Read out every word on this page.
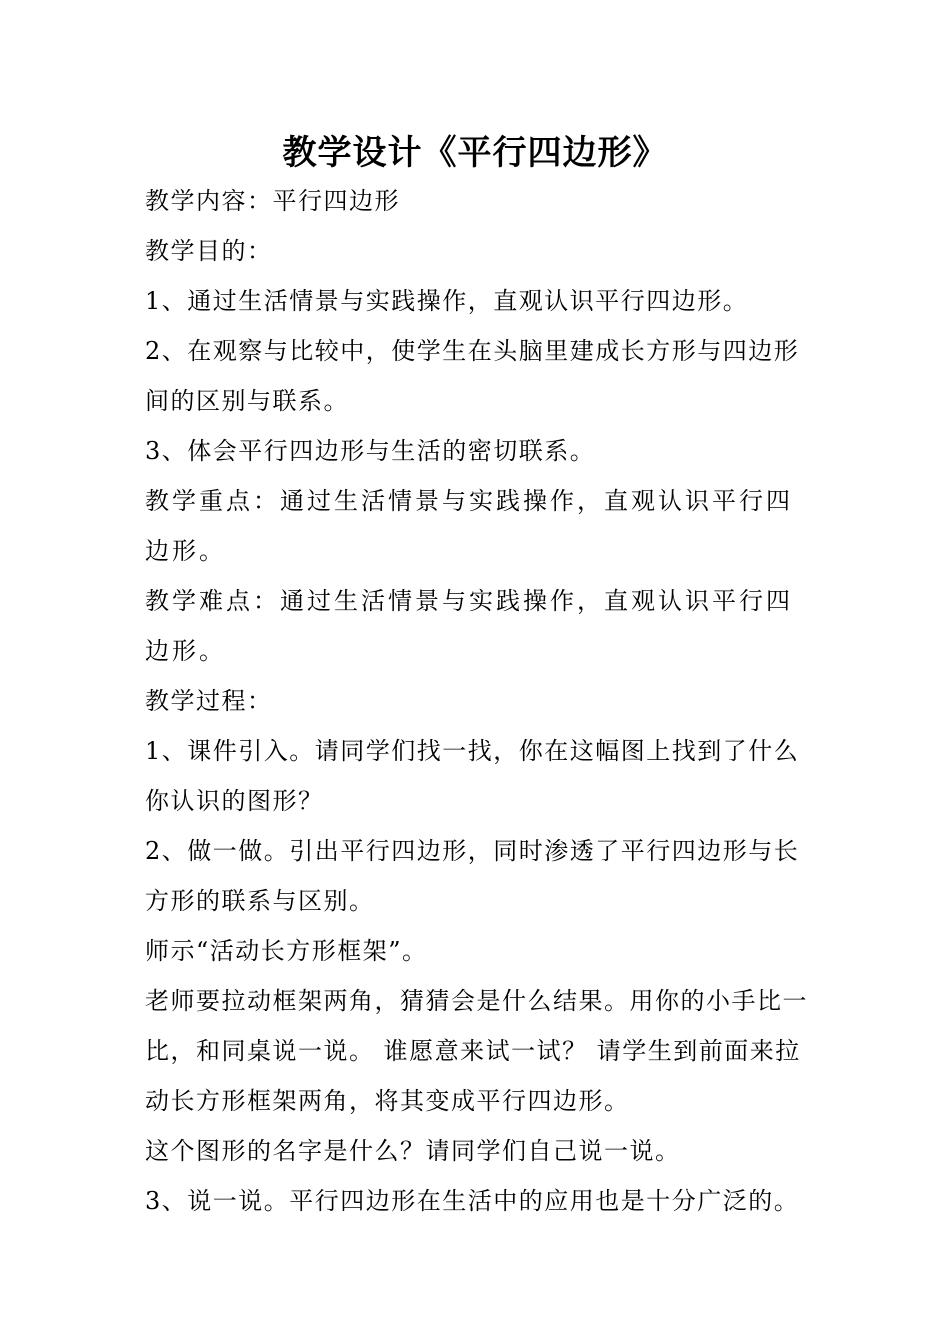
教学设计《平行四边形》

教学内容：平行四边形

教学目的：

1、通过生活情景与实践操作，直观认识平行四边形。

2、在观察与比较中，使学生在头脑里建成长方形与四边形间的区别与联系。

3、体会平行四边形与生活的密切联系。

教学重点：通过生活情景与实践操作，直观认识平行四边形。

教学难点：通过生活情景与实践操作，直观认识平行四边形。

教学过程：

1、课件引入。请同学们找一找，你在这幅图上找到了什么你认识的图形？

2、做一做。引出平行四边形，同时渗透了平行四边形与长方形的联系与区别。

师示“活动长方形框架”。

老师要拉动框架两角，猜猜会是什么结果。用你的小手比一比，和同桌说一说。 谁愿意来试一试？ 请学生到前面来拉动长方形框架两角，将其变成平行四边形。

这个图形的名字是什么？请同学们自己说一说。

3、说一说。平行四边形在生活中的应用也是十分广泛的。
